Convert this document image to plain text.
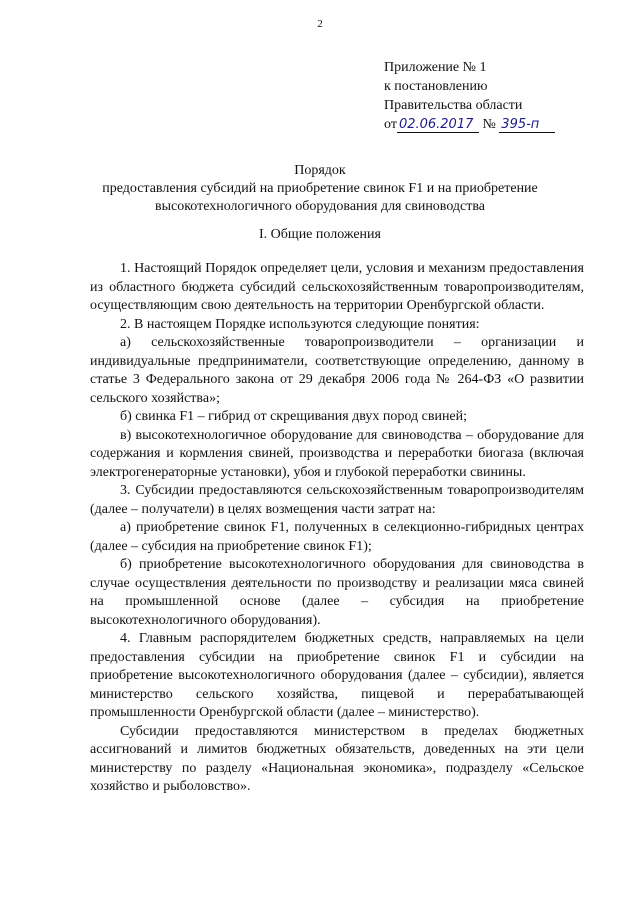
2
Приложение № 1
к постановлению
Правительства области
от 02.06.2017 № 395-п
Порядок
предоставления субсидий на приобретение свинок F1 и на приобретение
высокотехнологичного оборудования для свиноводства
I. Общие положения

1. Настоящий Порядок определяет цели, условия и механизм предоставления из областного бюджета субсидий сельскохозяйственным товаропроизводителям, осуществляющим свою деятельность на территории Оренбургской области.

2. В настоящем Порядке используются следующие понятия:

а) сельскохозяйственные товаропроизводители – организации и индивидуальные предприниматели, соответствующие определению, данному в статье 3 Федерального закона от 29 декабря 2006 года № 264-ФЗ «О развитии сельского хозяйства»;

б) свинка F1 – гибрид от скрещивания двух пород свиней;

в) высокотехнологичное оборудование для свиноводства – оборудование для содержания и кормления свиней, производства и переработки биогаза (включая электрогенераторные установки), убоя и глубокой переработки свинины.

3. Субсидии предоставляются сельскохозяйственным товаропроизводителям (далее – получатели) в целях возмещения части затрат на:

а) приобретение свинок F1, полученных в селекционно-гибридных центрах (далее – субсидия на приобретение свинок F1);

б) приобретение высокотехнологичного оборудования для свиноводства в случае осуществления деятельности по производству и реализации мяса свиней на промышленной основе (далее – субсидия на приобретение высокотехнологичного оборудования).

4. Главным распорядителем бюджетных средств, направляемых на цели предоставления субсидии на приобретение свинок F1 и субсидии на приобретение высокотехнологичного оборудования (далее – субсидии), является министерство сельского хозяйства, пищевой и перерабатывающей промышленности Оренбургской области (далее – министерство).

Субсидии предоставляются министерством в пределах бюджетных ассигнований и лимитов бюджетных обязательств, доведенных на эти цели министерству по разделу «Национальная экономика», подразделу «Сельское хозяйство и рыболовство».
